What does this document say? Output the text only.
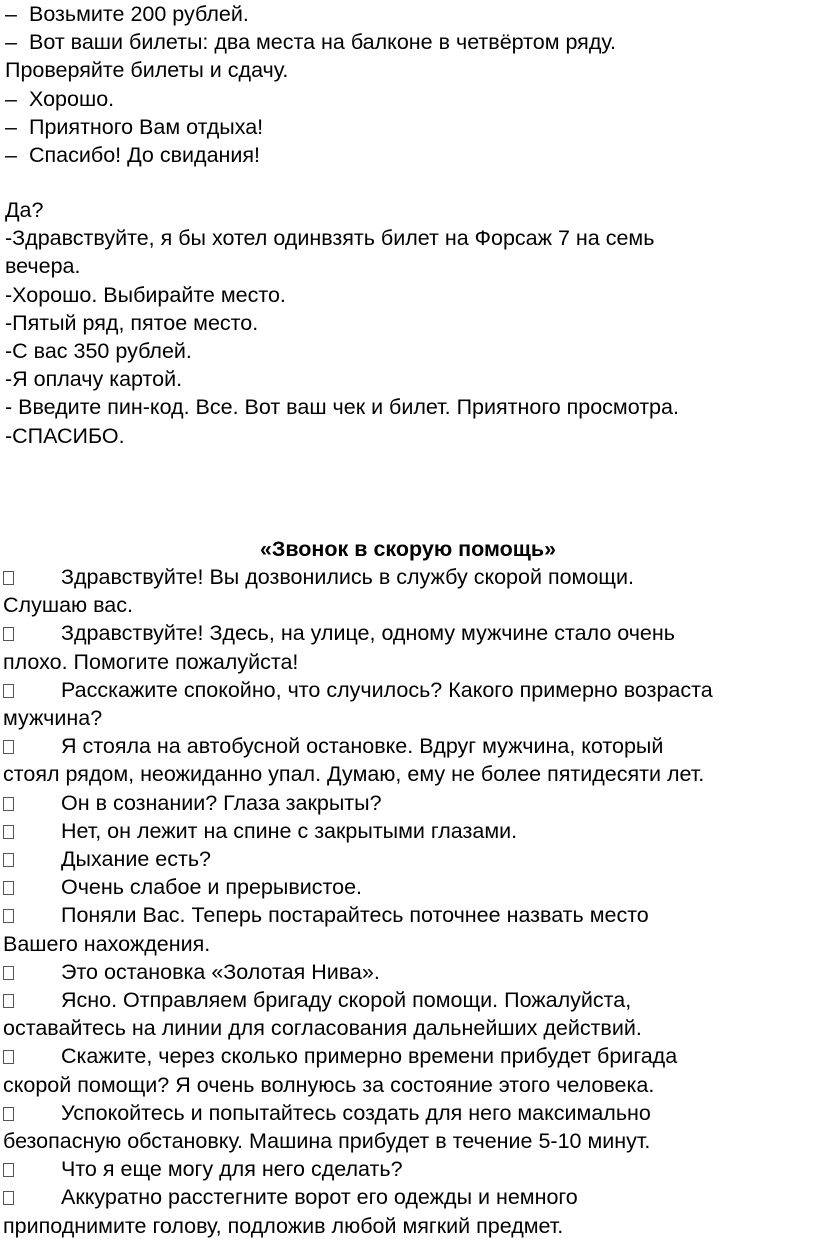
– Возьмите 200 рублей.
– Вот ваши билеты: два места на балконе в четвёртом ряду.
Проверяйте билеты и сдачу.
– Хорошо.
– Приятного Вам отдыха!
– Спасибо! До свидания!
Да?
-Здравствуйте, я бы хотел одинвзять билет на Форсаж 7 на семь
вечера.
-Хорошо. Выбирайте место.
-Пятый ряд, пятое место.
-С вас 350 рублей.
-Я оплачу картой.
- Введите пин-код. Все. Вот ваш чек и билет. Приятного просмотра.
-СПАСИБО.
«Звонок в скорую помощь»
Здравствуйте! Вы дозвонились в службу скорой помощи.
Слушаю вас.
Здравствуйте! Здесь, на улице, одному мужчине стало очень
плохо. Помогите пожалуйста!
Расскажите спокойно, что случилось? Какого примерно возраста
мужчина?
Я стояла на автобусной остановке. Вдруг мужчина, который
стоял рядом, неожиданно упал. Думаю, ему не более пятидесяти лет.
Он в сознании? Глаза закрыты?
Нет, он лежит на спине с закрытыми глазами.
Дыхание есть?
Очень слабое и прерывистое.
Поняли Вас. Теперь постарайтесь поточнее назвать место
Вашего нахождения.
Это остановка «Золотая Нива».
Ясно. Отправляем бригаду скорой помощи. Пожалуйста,
оставайтесь на линии для согласования дальнейших действий.
Скажите, через сколько примерно времени прибудет бригада
скорой помощи? Я очень волнуюсь за состояние этого человека.
Успокойтесь и попытайтесь создать для него максимально
безопасную обстановку. Машина прибудет в течение 5-10 минут.
Что я еще могу для него сделать?
Аккуратно расстегните ворот его одежды и немного
приподнимите голову, подложив любой мягкий предмет.
